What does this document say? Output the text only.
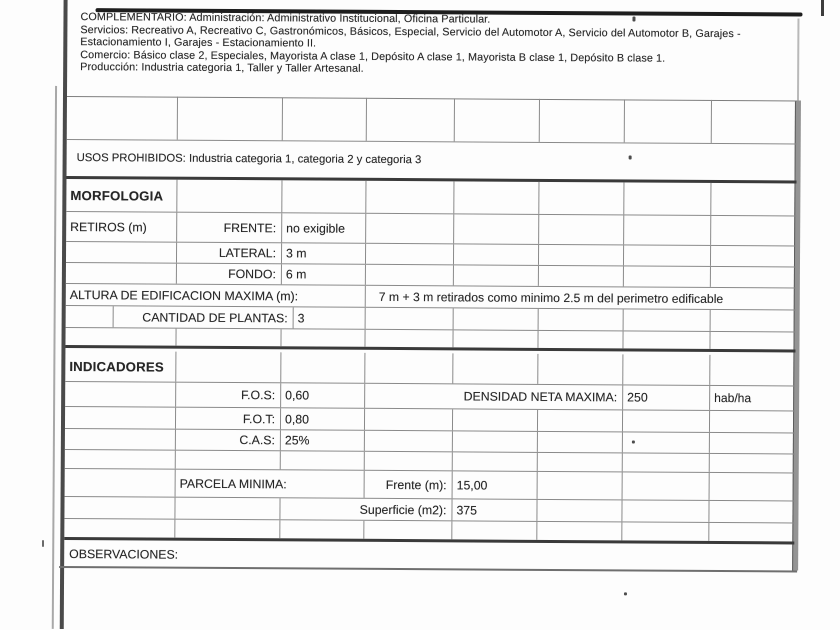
COMPLEMENTARIO: Administración: Administrativo Institucional, Oficina Particular.
Servicios: Recreativo A, Recreativo C, Gastronómicos, Básicos, Especial, Servicio del Automotor A, Servicio del Automotor B, Garajes -
Estacionamiento I, Garajes - Estacionamiento II.
Comercio: Básico clase 2, Especiales, Mayorista A clase 1, Depósito A clase 1, Mayorista B clase 1, Depósito B clase 1.
Producción: Industria categoria 1, Taller y Taller Artesanal.
USOS PROHIBIDOS: Industria categoria 1, categoria 2 y categoria 3
MORFOLOGIA
RETIROS (m)	FRENTE: no exigible
LATERAL: 3 m
FONDO: 6 m
ALTURA DE EDIFICACION MAXIMA (m):	7 m + 3 m retirados como minimo 2.5 m del perimetro edificable
CANTIDAD DE PLANTAS: 3
INDICADORES
F.O.S: 0,60	DENSIDAD NETA MAXIMA: 250	hab/ha
F.O.T: 0,80
C.A.S: 25%
PARCELA MINIMA:	Frente (m): 15,00
Superficie (m2): 375
OBSERVACIONES:
